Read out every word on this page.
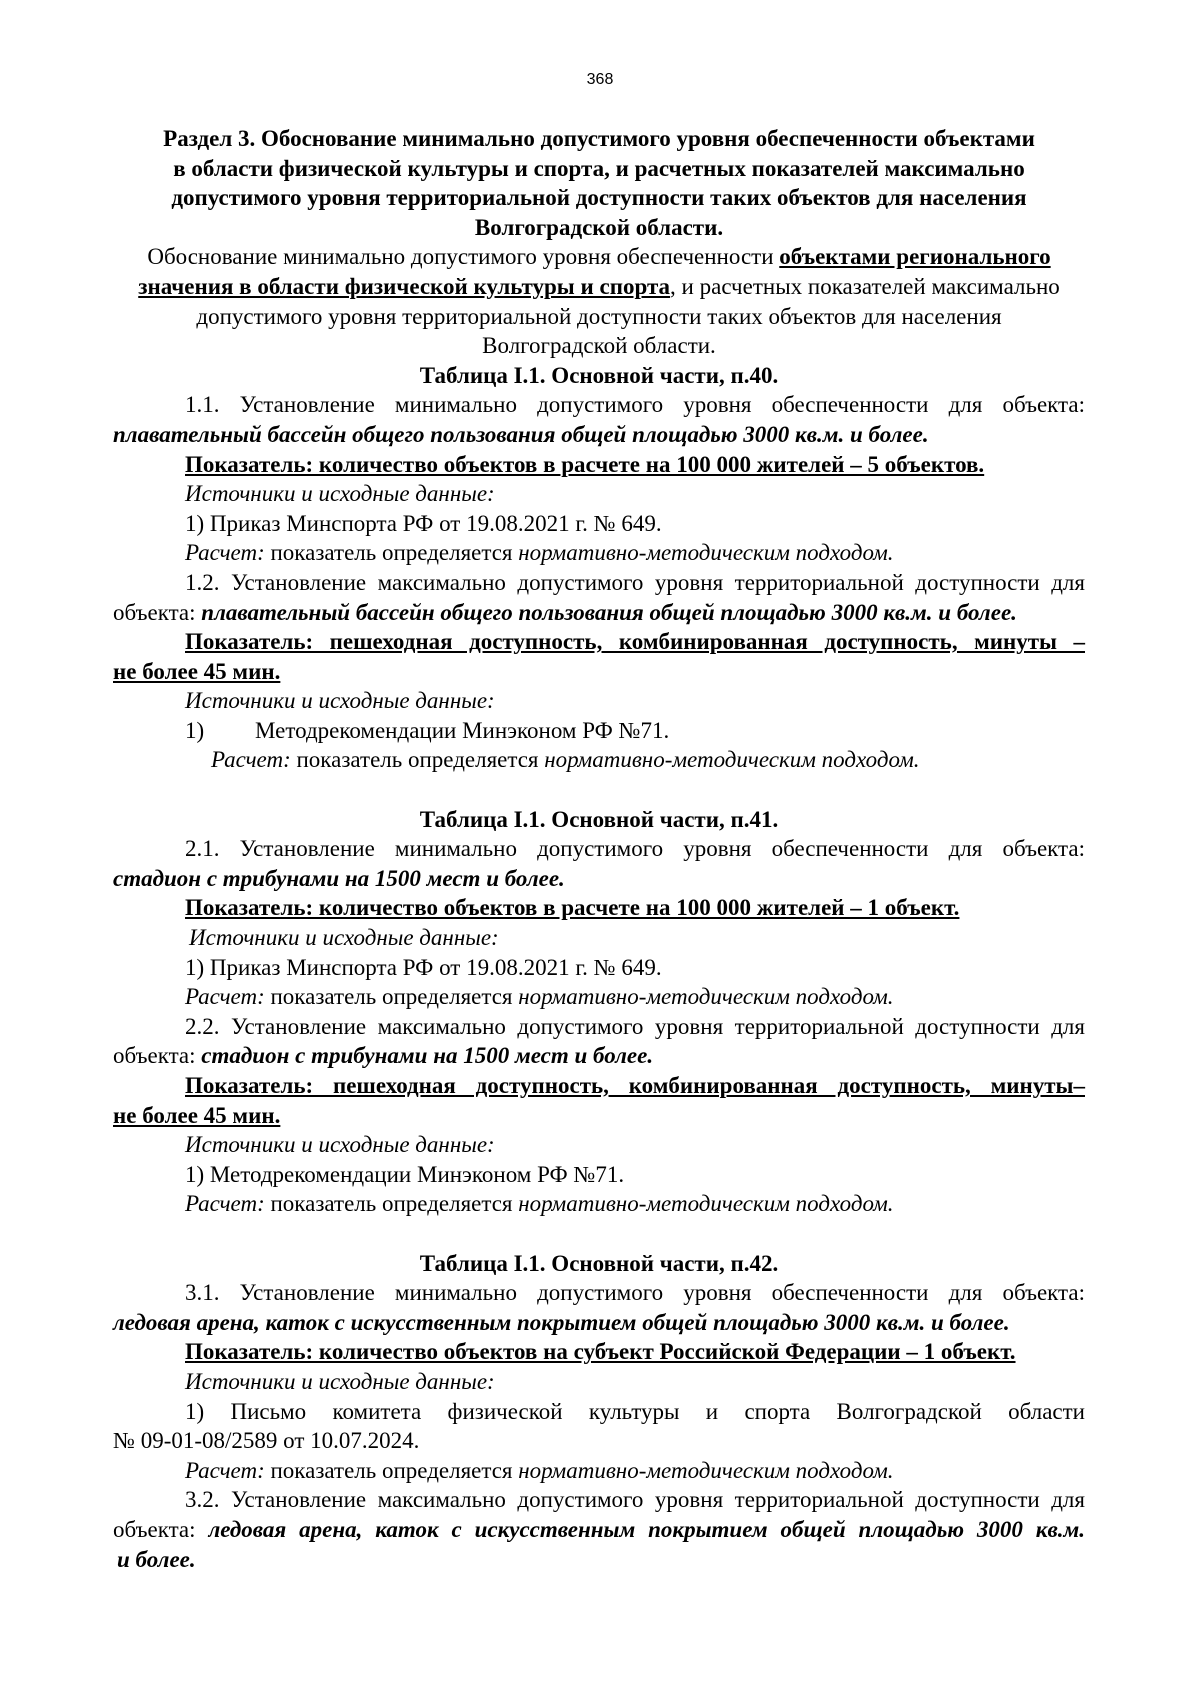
368

Раздел 3. Обоснование минимально допустимого уровня обеспеченности объектами

в области физической культуры и спорта, и расчетных показателей максимально

допустимого уровня территориальной доступности таких объектов для населения

Волгоградской области.

Обоснование минимально допустимого уровня обеспеченности объектами регионального

значения в области физической культуры и спорта, и расчетных показателей максимально

допустимого уровня территориальной доступности таких объектов для населения

Волгоградской области.

Таблица I.1. Основной части, п.40.

1.1. Установление минимально допустимого уровня обеспеченности для объекта:

плавательный бассейн общего пользования общей площадью 3000 кв.м. и более.

Показатель: количество объектов в расчете на 100 000 жителей – 5 объектов.

Источники и исходные данные:

1) Приказ Минспорта РФ от 19.08.2021 г. № 649.

Расчет: показатель определяется нормативно-методическим подходом.

1.2. Установление максимально допустимого уровня территориальной доступности для

объекта: плавательный бассейн общего пользования общей площадью 3000 кв.м. и более.

Показатель: пешеходная доступность, комбинированная доступность, минуты –

не более 45 мин.

Источники и исходные данные:

1) Методрекомендации Минэконом РФ №71.

Расчет: показатель определяется нормативно-методическим подходом.

Таблица I.1. Основной части, п.41.

2.1. Установление минимально допустимого уровня обеспеченности для объекта:

стадион с трибунами на 1500 мест и более.

Показатель: количество объектов в расчете на 100 000 жителей – 1 объект.

Источники и исходные данные:

1) Приказ Минспорта РФ от 19.08.2021 г. № 649.

Расчет: показатель определяется нормативно-методическим подходом.

2.2. Установление максимально допустимого уровня территориальной доступности для

объекта: стадион с трибунами на 1500 мест и более.

Показатель: пешеходная доступность, комбинированная доступность, минуты–

не более 45 мин.

Источники и исходные данные:

1) Методрекомендации Минэконом РФ №71.

Расчет: показатель определяется нормативно-методическим подходом.

Таблица I.1. Основной части, п.42.

3.1. Установление минимально допустимого уровня обеспеченности для объекта:

ледовая арена, каток с искусственным покрытием общей площадью 3000 кв.м. и более.

Показатель: количество объектов на субъект Российской Федерации – 1 объект.

Источники и исходные данные:

1) Письмо комитета физической культуры и спорта Волгоградской области

№ 09-01-08/2589 от 10.07.2024.

Расчет: показатель определяется нормативно-методическим подходом.

3.2. Установление максимально допустимого уровня территориальной доступности для

объекта: ледовая арена, каток с искусственным покрытием общей площадью 3000 кв.м.

и более.
